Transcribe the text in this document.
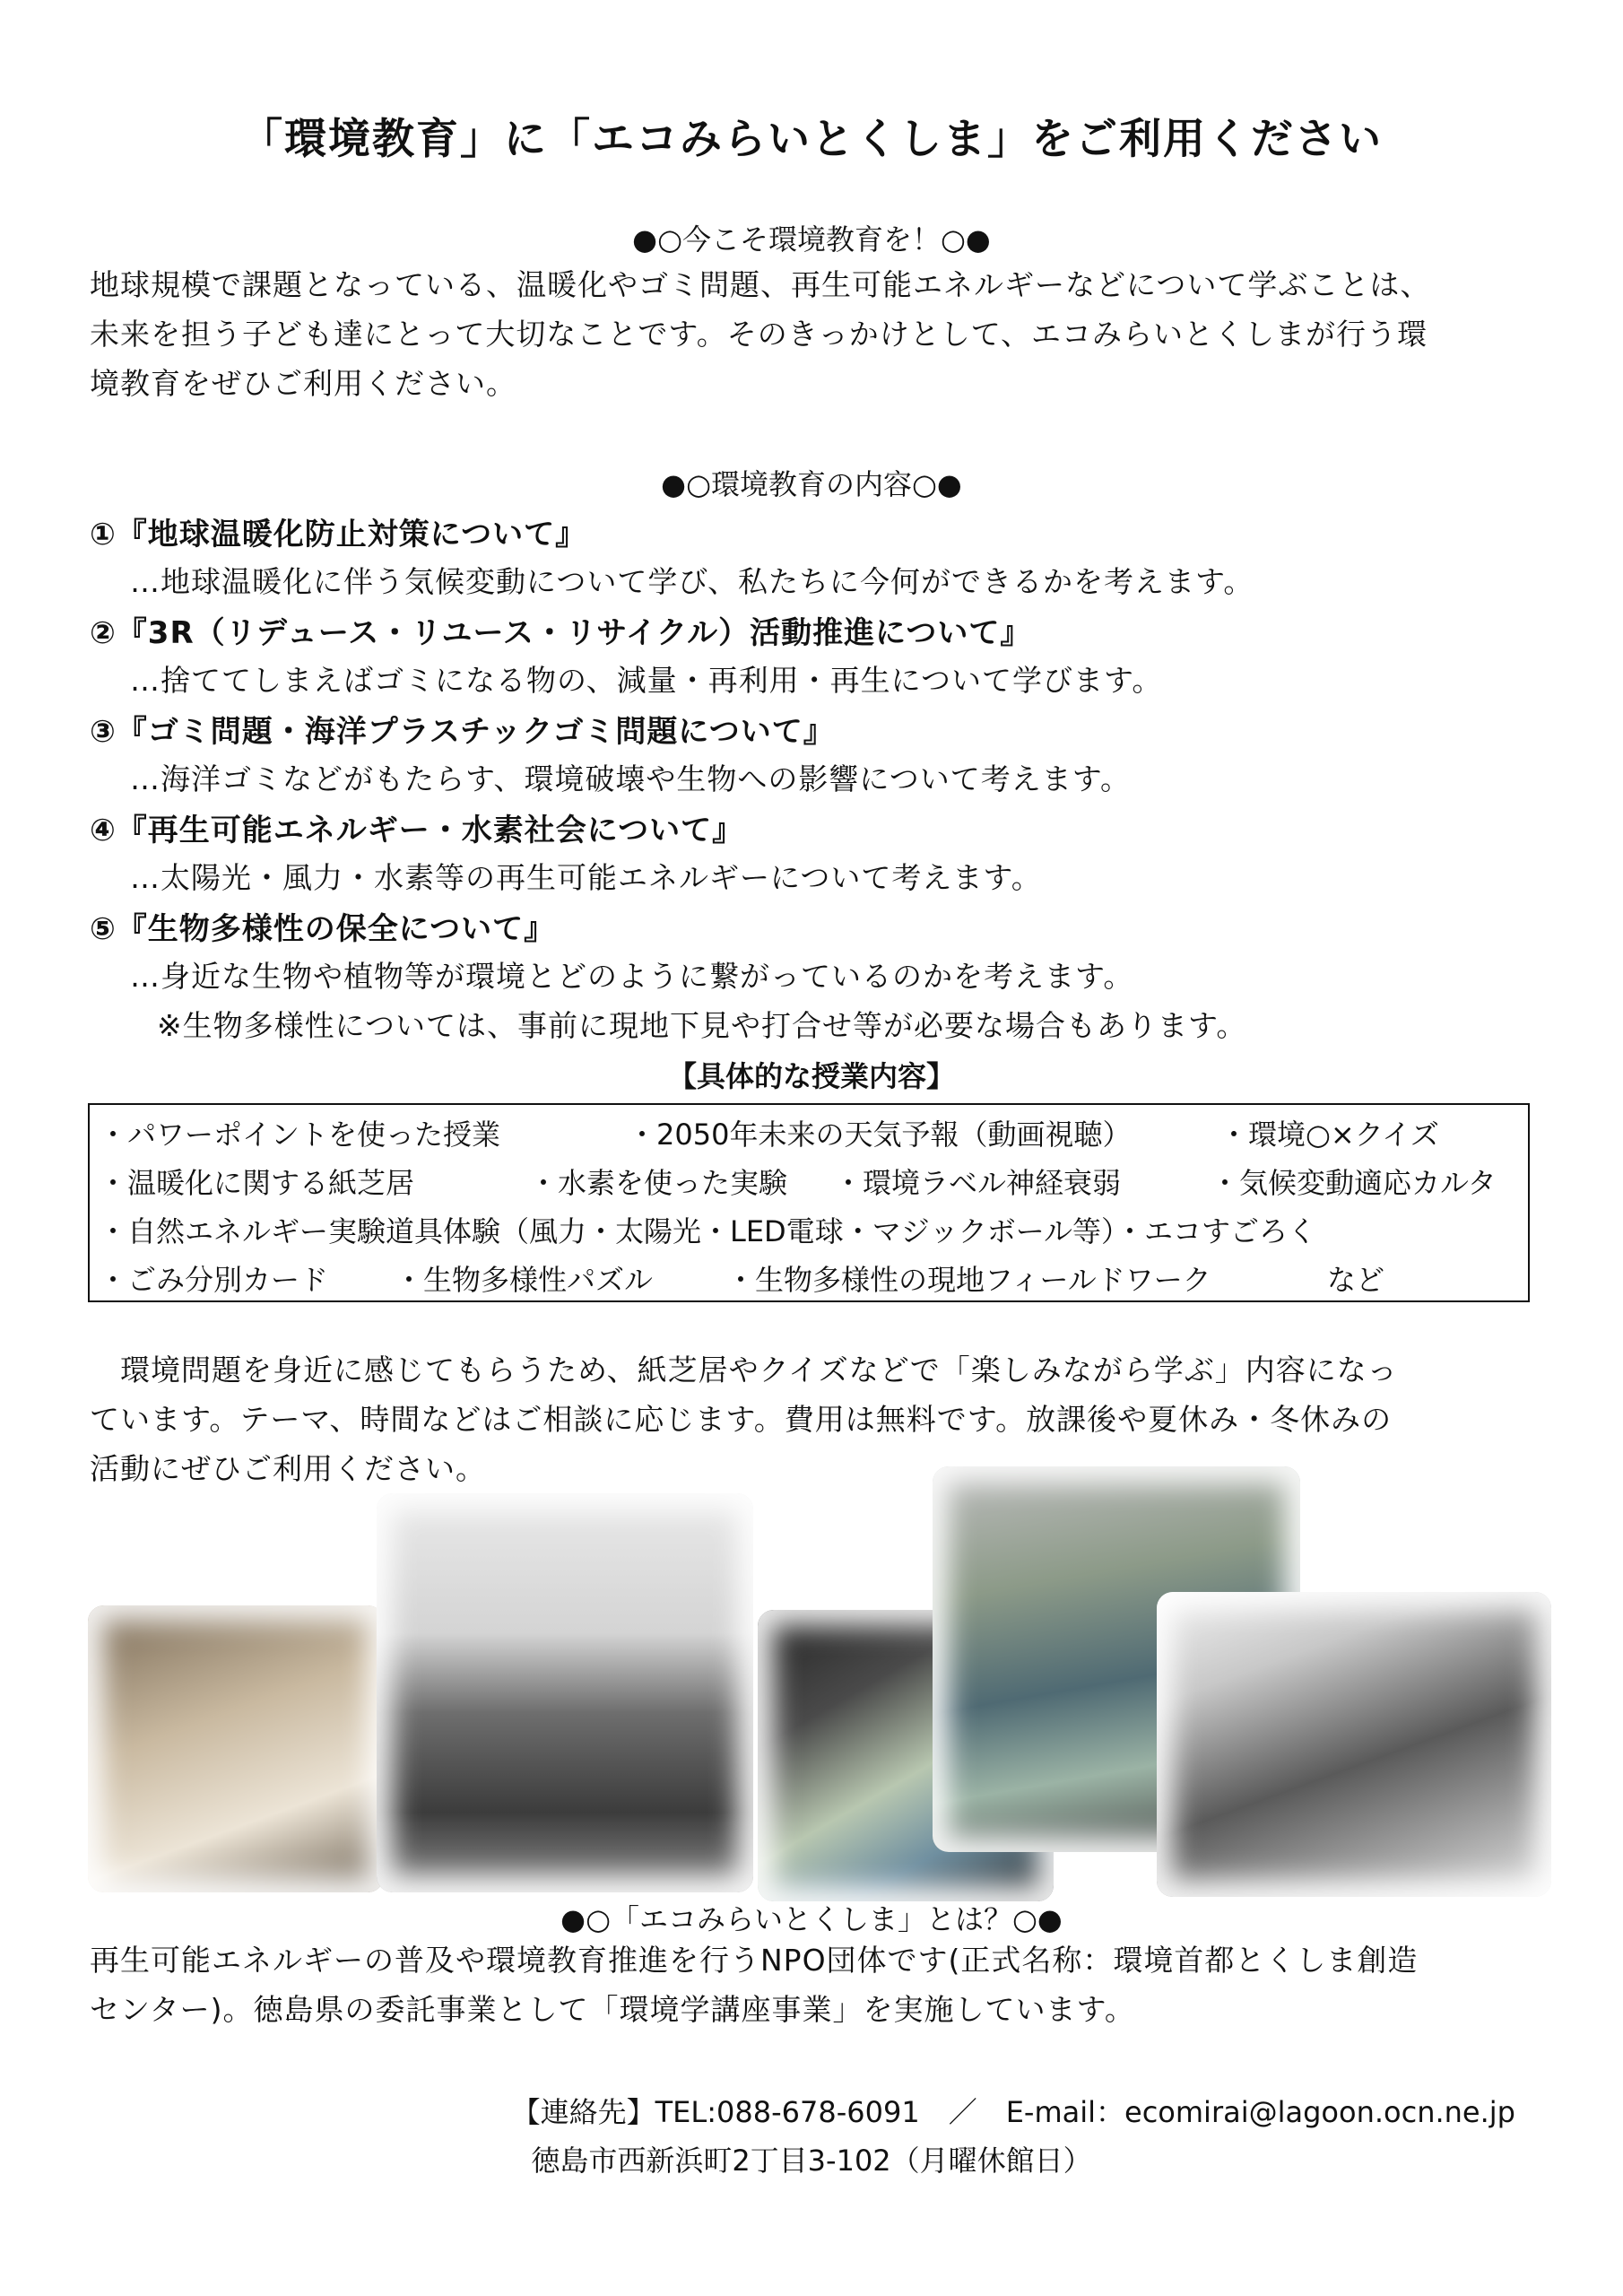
「環境教育」に「エコみらいとくしま」をご利用ください
●○今こそ環境教育を！○●
地球規模で課題となっている、温暖化やゴミ問題、再生可能エネルギーなどについて学ぶことは、
未来を担う子ども達にとって大切なことです。そのきっかけとして、エコみらいとくしまが行う環
境教育をぜひご利用ください。
●○環境教育の内容○●
①『地球温暖化防止対策について』
…地球温暖化に伴う気候変動について学び、私たちに今何ができるかを考えます。
②『3R（リデュース・リユース・リサイクル）活動推進について』
…捨ててしまえばゴミになる物の、減量・再利用・再生について学びます。
③『ゴミ問題・海洋プラスチックゴミ問題について』
…海洋ゴミなどがもたらす、環境破壊や生物への影響について考えます。
④『再生可能エネルギー・水素社会について』
…太陽光・風力・水素等の再生可能エネルギーについて考えます。
⑤『生物多様性の保全について』
…身近な生物や植物等が環境とどのように繋がっているのかを考えます。
※生物多様性については、事前に現地下見や打合せ等が必要な場合もあります。
【具体的な授業内容】
・パワーポイントを使った授業	・2050年未来の天気予報（動画視聴）	・環境○×クイズ
・温暖化に関する紙芝居	・水素を使った実験 ・環境ラベル神経衰弱	・気候変動適応カルタ
・自然エネルギー実験道具体験（風力・太陽光・LED電球・マジックボール等）・エコすごろく
・ごみ分別カード ・生物多様性パズル	・生物多様性の現地フィールドワーク	など
　環境問題を身近に感じてもらうため、紙芝居やクイズなどで「楽しみながら学ぶ」内容になっ
ています。テーマ、時間などはご相談に応じます。費用は無料です。放課後や夏休み・冬休みの
活動にぜひご利用ください。
●○「エコみらいとくしま」とは？○●
再生可能エネルギーの普及や環境教育推進を行うNPO団体です(正式名称：環境首都とくしま創造
センター)。徳島県の委託事業として「環境学講座事業」を実施しています。
【連絡先】TEL:088-678-6091　／　E-mail：ecomirai@lagoon.ocn.ne.jp
徳島市西新浜町2丁目3-102（月曜休館日）
